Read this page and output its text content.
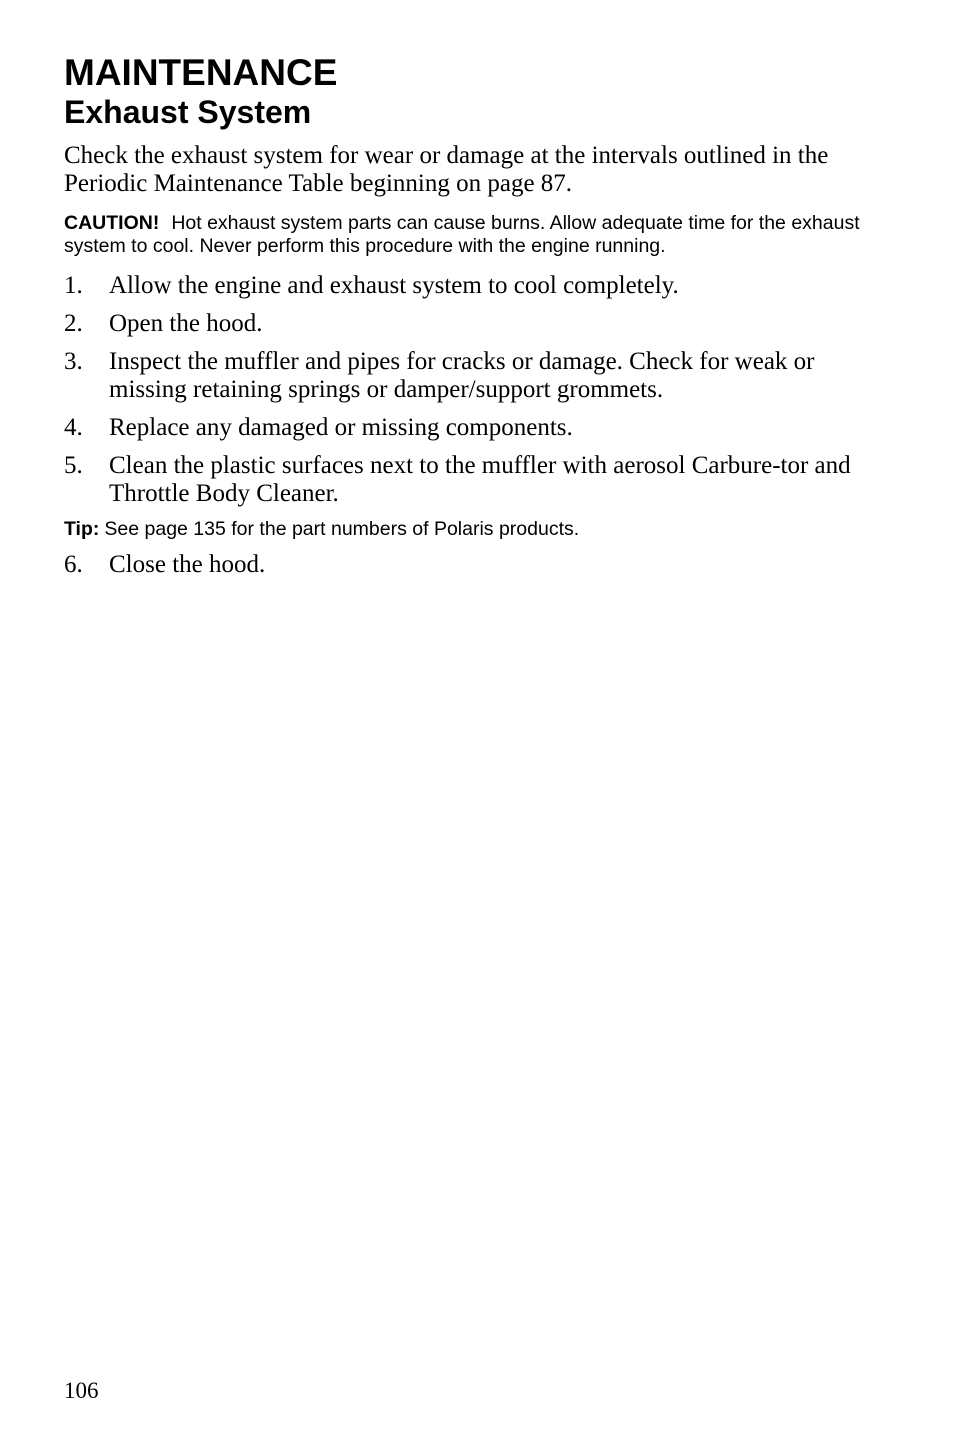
MAINTENANCE
Exhaust System

Check the exhaust system for wear or damage at the intervals outlined in the Periodic Maintenance Table beginning on page 87.

CAUTION! Hot exhaust system parts can cause burns. Allow adequate time for the exhaust system to cool. Never perform this procedure with the engine running.

1. Allow the engine and exhaust system to cool completely.
2. Open the hood.
3. Inspect the muffler and pipes for cracks or damage. Check for weak or missing retaining springs or damper/support grommets.
4. Replace any damaged or missing components.
5. Clean the plastic surfaces next to the muffler with aerosol Carbure-tor and Throttle Body Cleaner.

Tip: See page 135 for the part numbers of Polaris products.

6. Close the hood.
106
